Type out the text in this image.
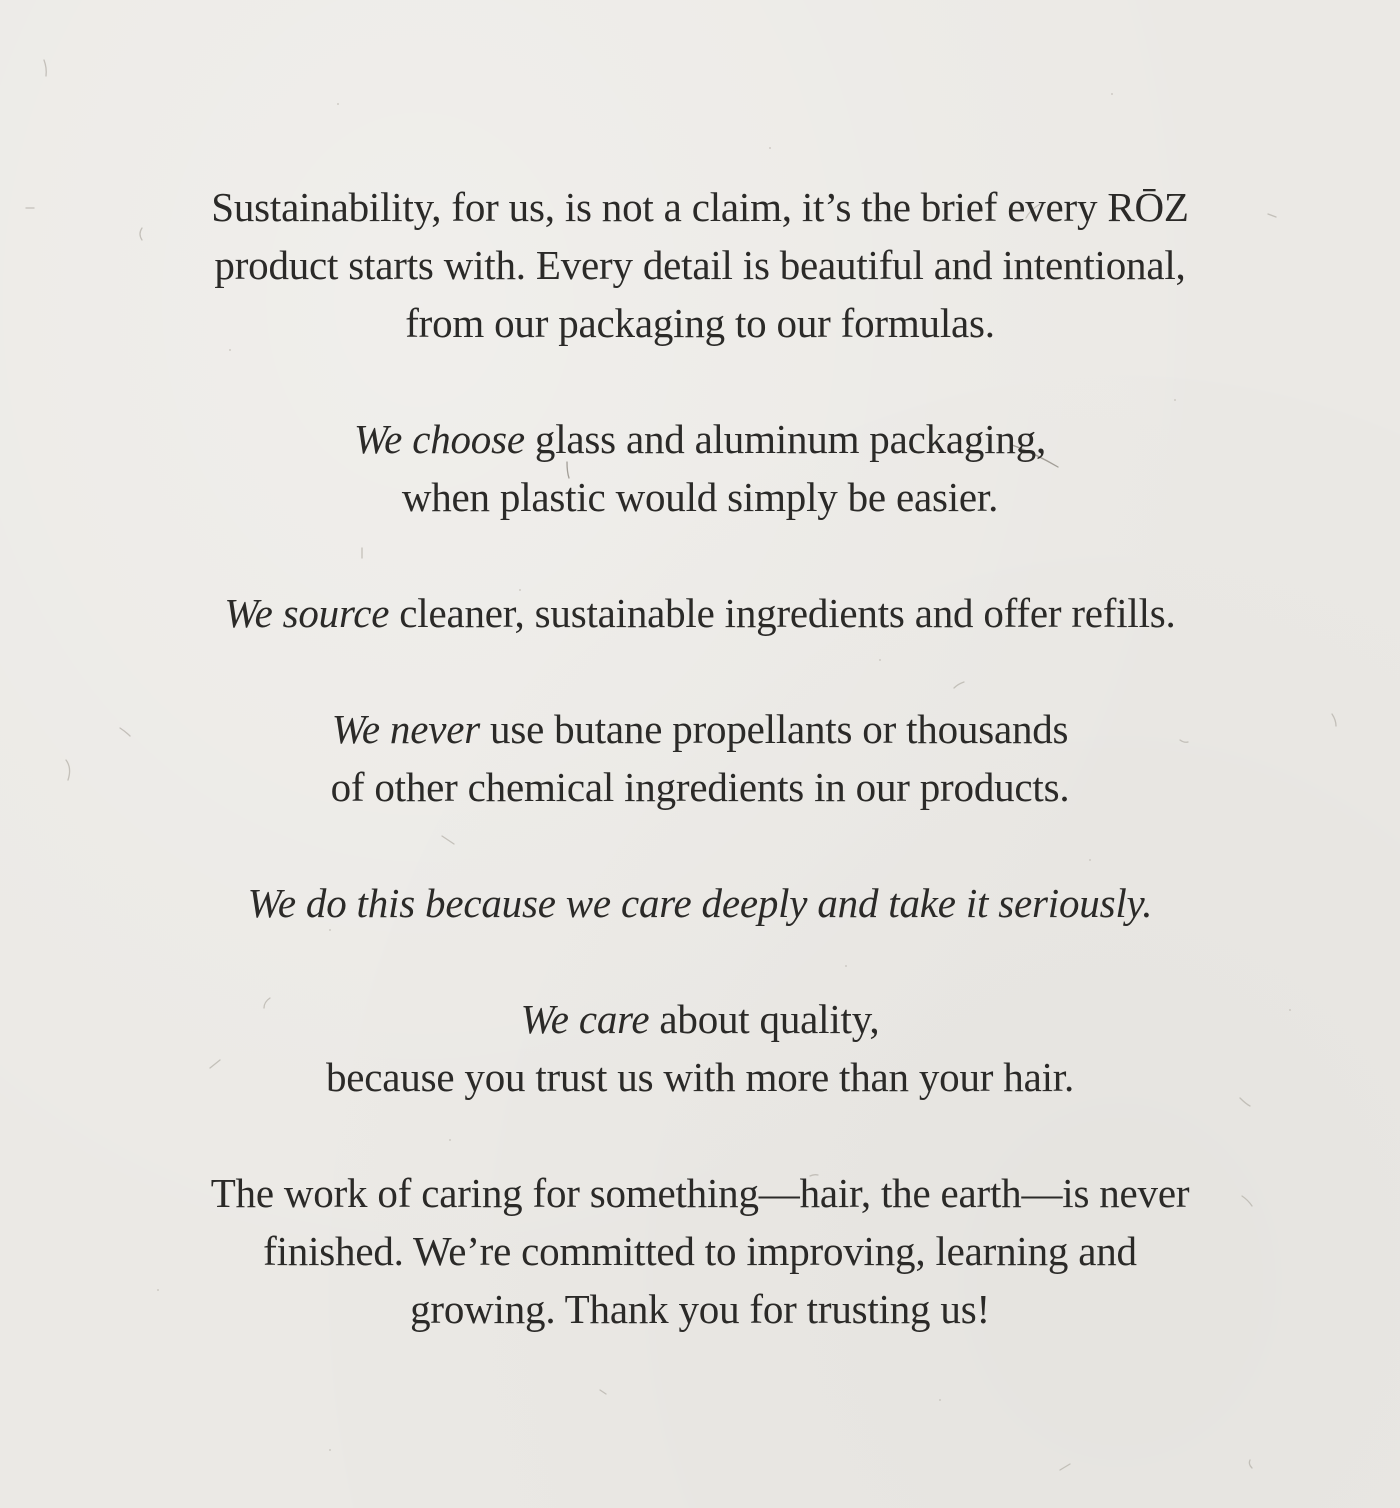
Sustainability, for us, is not a claim, it’s the brief every RŌZ
product starts with. Every detail is beautiful and intentional,
from our packaging to our formulas.

We choose glass and aluminum packaging,
when plastic would simply be easier.

We source cleaner, sustainable ingredients and offer refills.

We never use butane propellants or thousands
of other chemical ingredients in our products.

We do this because we care deeply and take it seriously.

We care about quality,
because you trust us with more than your hair.

The work of caring for something—hair, the earth—is never
finished. We’re committed to improving, learning and
growing. Thank you for trusting us!
